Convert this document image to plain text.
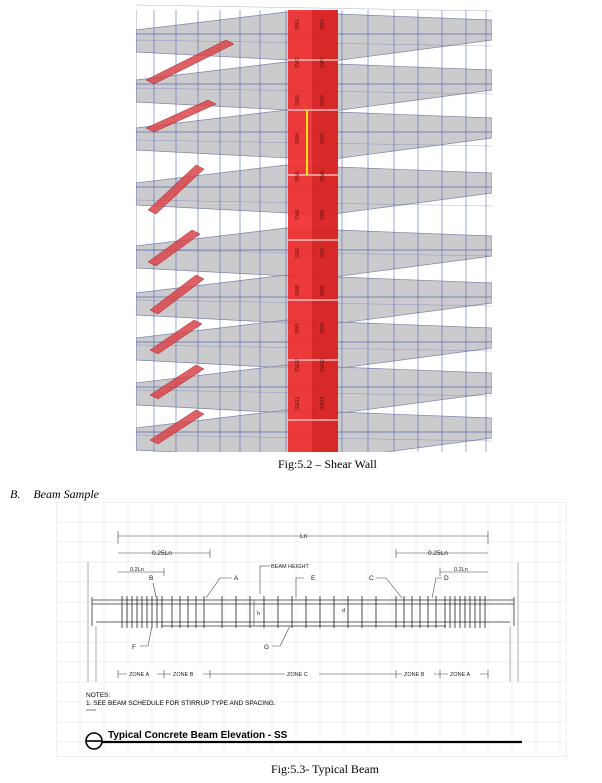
SW1	SW1
SW2	SW2
SW3	SW3
SW4	SW4
SW5	SW5
SW6	SW6
SW7	SW7
SW8	SW8
SW9	SW9
SW10	SW10
SW11	SW11
Fig:5.2 – Shear Wall
B. Beam Sample
Ln
0.25Ln	0.25Ln
0.2Ln	0.2Ln
BEAM HEIGHT
B	A	E	C	D
F	G
h	d
ZONE A	ZONE B	ZONE C	ZONE B	ZONE A
NOTES:
1. SEE BEAM SCHEDULE FOR STIRRUP TYPE AND SPACING.
Typical Concrete Beam Elevation - SS
Fig:5.3- Typical Beam
